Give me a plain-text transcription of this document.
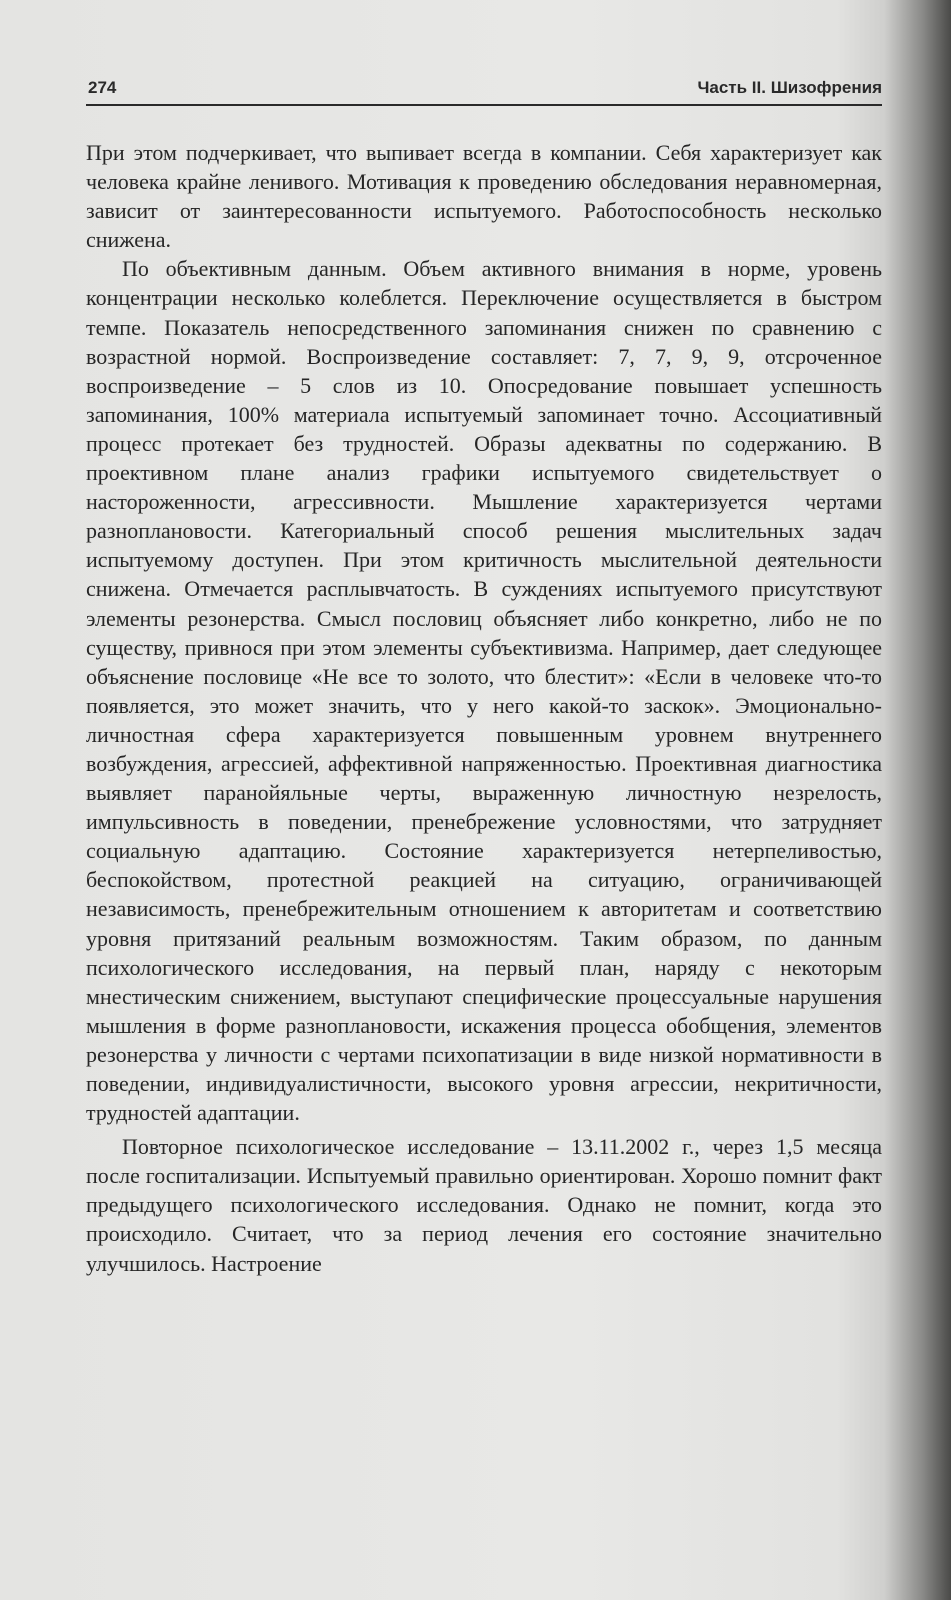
274	Часть II. Шизофрения

При этом подчеркивает, что выпивает всегда в компании. Себя характеризует как человека крайне ленивого. Мотивация к проведению обследования неравномерная, зависит от заинтересованности испытуемого. Работоспособность несколько снижена.

По объективным данным. Объем активного внимания в норме, уровень концентрации несколько колеблется. Переключение осуществляется в быстром темпе. Показатель непосредственного запоминания снижен по сравнению с возрастной нормой. Воспроизведение составляет: 7, 7, 9, 9, отсроченное воспроизведение – 5 слов из 10. Опосредование повышает успешность запоминания, 100% материала испытуемый запоминает точно. Ассоциативный процесс протекает без трудностей. Образы адекватны по содержанию. В проективном плане анализ графики испытуемого свидетельствует о настороженности, агрессивности. Мышление характеризуется чертами разноплановости. Категориальный способ решения мыслительных задач испытуемому доступен. При этом критичность мыслительной деятельности снижена. Отмечается расплывчатость. В суждениях испытуемого присутствуют элементы резонерства. Смысл пословиц объясняет либо конкретно, либо не по существу, привнося при этом элементы субъективизма. Например, дает следующее объяснение пословице «Не все то золото, что блестит»: «Если в человеке что-то появляется, это может значить, что у него какой-то заскок». Эмоционально-личностная сфера характеризуется повышенным уровнем внутреннего возбуждения, агрессией, аффективной напряженностью. Проективная диагностика выявляет паранойяльные черты, выраженную личностную незрелость, импульсивность в поведении, пренебрежение условностями, что затрудняет социальную адаптацию. Состояние характеризуется нетерпеливостью, беспокойством, протестной реакцией на ситуацию, ограничивающей независимость, пренебрежительным отношением к авторитетам и соответствию уровня притязаний реальным возможностям. Таким образом, по данным психологического исследования, на первый план, наряду с некоторым мнестическим снижением, выступают специфические процессуальные нарушения мышления в форме разноплановости, искажения процесса обобщения, элементов резонерства у личности с чертами психопатизации в виде низкой нормативности в поведении, индивидуалистичности, высокого уровня агрессии, некритичности, трудностей адаптации.

Повторное психологическое исследование – 13.11.2002 г., через 1,5 месяца после госпитализации. Испытуемый правильно ориентирован. Хорошо помнит факт предыдущего психологического исследования. Однако не помнит, когда это происходило. Считает, что за период лечения его состояние значительно улучшилось. Настроение
